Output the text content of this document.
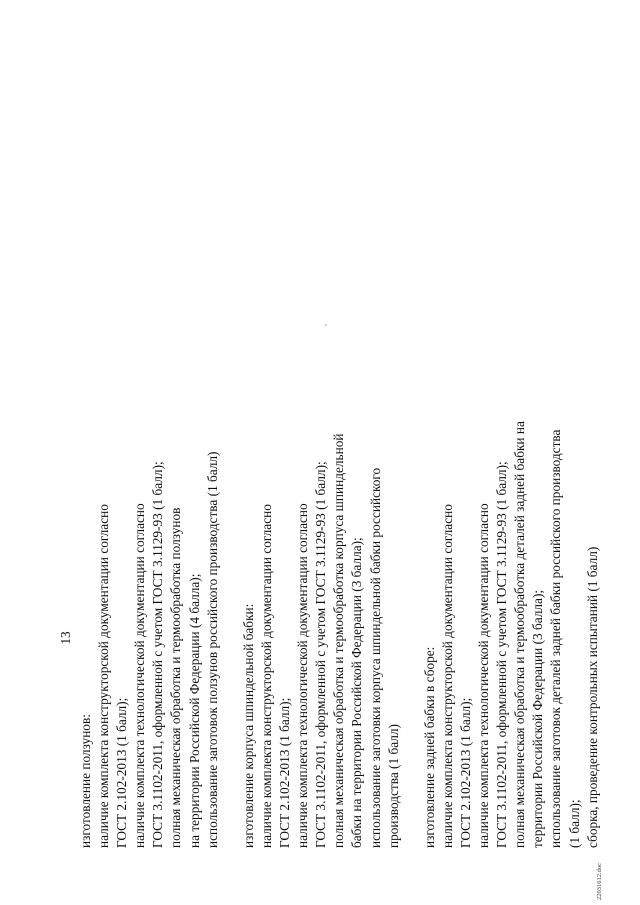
13
изготовление ползунов: наличие комплекта конструкторской документации согласно ГОСТ 2.102-2013 (1 балл); наличие комплекта технологической документации согласно ГОСТ 3.1102-2011, оформленной с учетом ГОСТ 3.1129-93 (1 балл); полная механическая обработка и термообработка ползунов на территории Российской Федерации (4 балла); использование заготовок ползунов российского производства (1 балл) изготовление корпуса шпиндельной бабки: наличие комплекта конструкторской документации согласно ГОСТ 2.102-2013 (1 балл); наличие комплекта технологической документации согласно ГОСТ 3.1102-2011, оформленной с учетом ГОСТ 3.1129-93 (1 балл); полная механическая обработка и термообработка корпуса шпиндельной бабки на территории Российской Федерации (3 балла); использование заготовки корпуса шпиндельной бабки российского производства (1 балл) изготовление задней бабки в сборе: наличие комплекта конструкторской документации согласно ГОСТ 2.102-2013 (1 балл); наличие комплекта технологической документации согласно ГОСТ 3.1102-2011, оформленной с учетом ГОСТ 3.1129-93 (1 балл); полная механическая обработка и термообработка деталей задней бабки на территории Российской Федерации (3 балла); использование заготовок деталей задней бабки российского производства (1 балл); сборка, проведение контрольных испытаний (1 балл)
22031612.doc
